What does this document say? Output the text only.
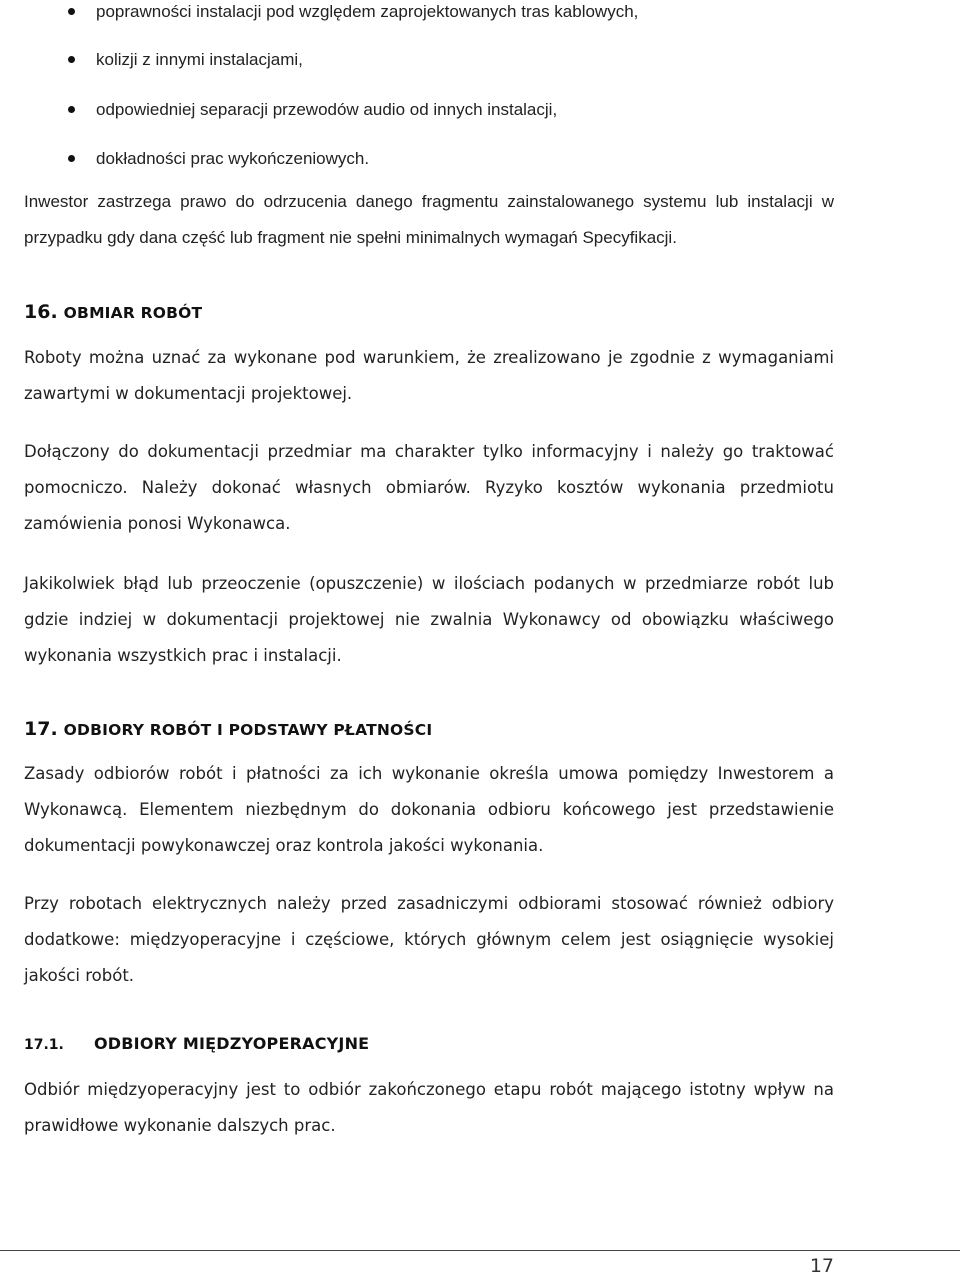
poprawności instalacji pod względem zaprojektowanych tras kablowych,
kolizji z innymi instalacjami,
odpowiedniej separacji przewodów audio od innych instalacji,
dokładności prac wykończeniowych.
Inwestor zastrzega prawo do odrzucenia danego fragmentu zainstalowanego systemu lub instalacji w przypadku gdy dana część lub fragment nie spełni minimalnych wymagań Specyfikacji.
16. OBMIAR ROBÓT
Roboty można uznać za wykonane pod warunkiem, że zrealizowano je zgodnie z wymaganiami zawartymi w dokumentacji projektowej.
Dołączony do dokumentacji przedmiar ma charakter tylko informacyjny i należy go traktować pomocniczo. Należy dokonać własnych obmiarów. Ryzyko kosztów wykonania przedmiotu zamówienia ponosi Wykonawca.
Jakikolwiek błąd lub przeoczenie (opuszczenie) w ilościach podanych w przedmiarze robót lub gdzie indziej w dokumentacji projektowej nie zwalnia Wykonawcy od obowiązku właściwego wykonania wszystkich prac i instalacji.
17. ODBIORY ROBÓT I PODSTAWY PŁATNOŚCI
Zasady odbiorów robót i płatności za ich wykonanie określa umowa pomiędzy Inwestorem a Wykonawcą. Elementem niezbędnym do dokonania odbioru końcowego jest przedstawienie dokumentacji powykonawczej oraz kontrola jakości wykonania.
Przy robotach elektrycznych należy przed zasadniczymi odbiorami stosować również odbiory dodatkowe: międzyoperacyjne i częściowe, których głównym celem jest osiągnięcie wysokiej jakości robót.
17.1. ODBIORY MIĘDZYOPERACYJNE
Odbiór międzyoperacyjny jest to odbiór zakończonego etapu robót mającego istotny wpływ na prawidłowe wykonanie dalszych prac.
17
